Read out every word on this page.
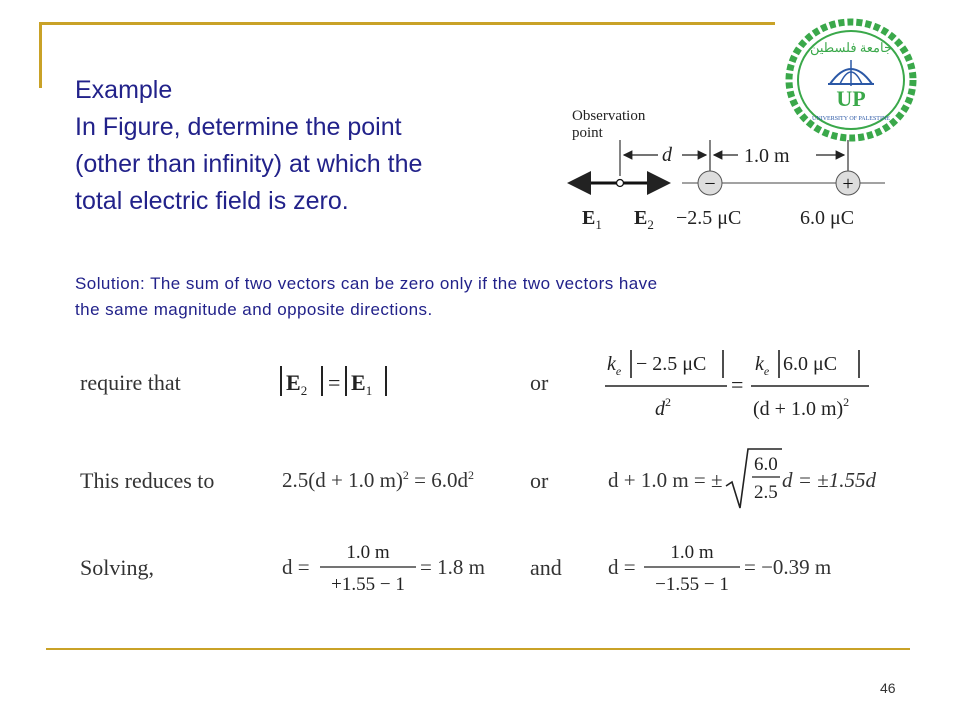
Example
In Figure, determine the point
(other than infinity) at which the
total electric field is zero.
جامعة فلسطين
UP
UNIVERSITY OF PALESTINE
Observation
point
d	1.0 m
−	+
$E_1$ $E_2 -2.5$ μC	6.0 μC
Solution: The sum of two vectors can be zero only if the two vectors have
the same magnitude and opposite directions.
require that	$E_2 = E_1$	or
$k_e - 2.5$ μC
$d^2$
=
$k_e$ 6.0 μC
(d + 1.0 m)$^2$
This reduces to	2.5(d + 1.0 $m)^2 = 6.0d^2$	or	d + 1.0 m = ±
6.0
2.5
d = ±1.55d
Solving,	d =
1.0 m
+1.55 − 1
= 1.8 m and d =
1.0 m
−1.55 − 1
= −0.39 m
46
